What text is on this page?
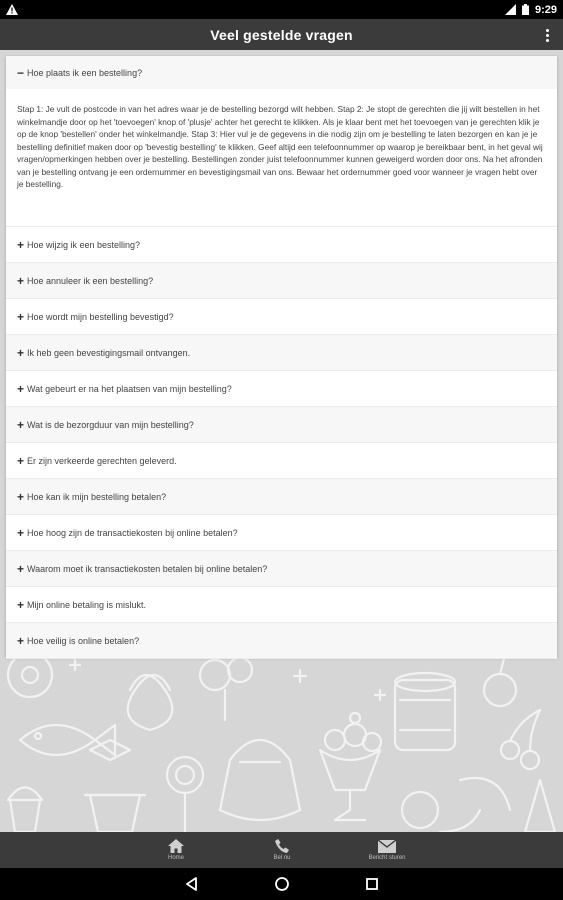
9:29
Veel gestelde vragen
− Hoe plaats ik een bestelling?
Stap 1: Je vult de postcode in van het adres waar je de bestelling bezorgd wilt hebben. Stap 2: Je stopt de gerechten die jij wilt bestellen in het winkelmandje door op het 'toevoegen' knop of 'plusje' achter het gerecht te klikken. Als je klaar bent met het toevoegen van je gerechten klik je op de knop 'bestellen' onder het winkelmandje. Stap 3: Hier vul je de gegevens in die nodig zijn om je bestelling te laten bezorgen en kan je je bestelling definitief maken door op 'bevestig bestelling' te klikken. Geef altijd een telefoonnummer op waarop je bereikbaar bent, in het geval wij vragen/opmerkingen hebben over je bestelling. Bestellingen zonder juist telefoonnummer kunnen geweigerd worden door ons. Na het afronden van je bestelling ontvang je een ordernummer en bevestigingsmail van ons. Bewaar het ordernummer goed voor wanneer je vragen hebt over je bestelling.
+ Hoe wijzig ik een bestelling?
+ Hoe annuleer ik een bestelling?
+ Hoe wordt mijn bestelling bevestigd?
+ Ik heb geen bevestigingsmail ontvangen.
+ Wat gebeurt er na het plaatsen van mijn bestelling?
+ Wat is de bezorgduur van mijn bestelling?
+ Er zijn verkeerde gerechten geleverd.
+ Hoe kan ik mijn bestelling betalen?
+ Hoe hoog zijn de transactiekosten bij online betalen?
+ Waarom moet ik transactiekosten betalen bij online betalen?
+ Mijn online betaling is mislukt.
+ Hoe veilig is online betalen?
Home	Bel nu	Bericht sturen
